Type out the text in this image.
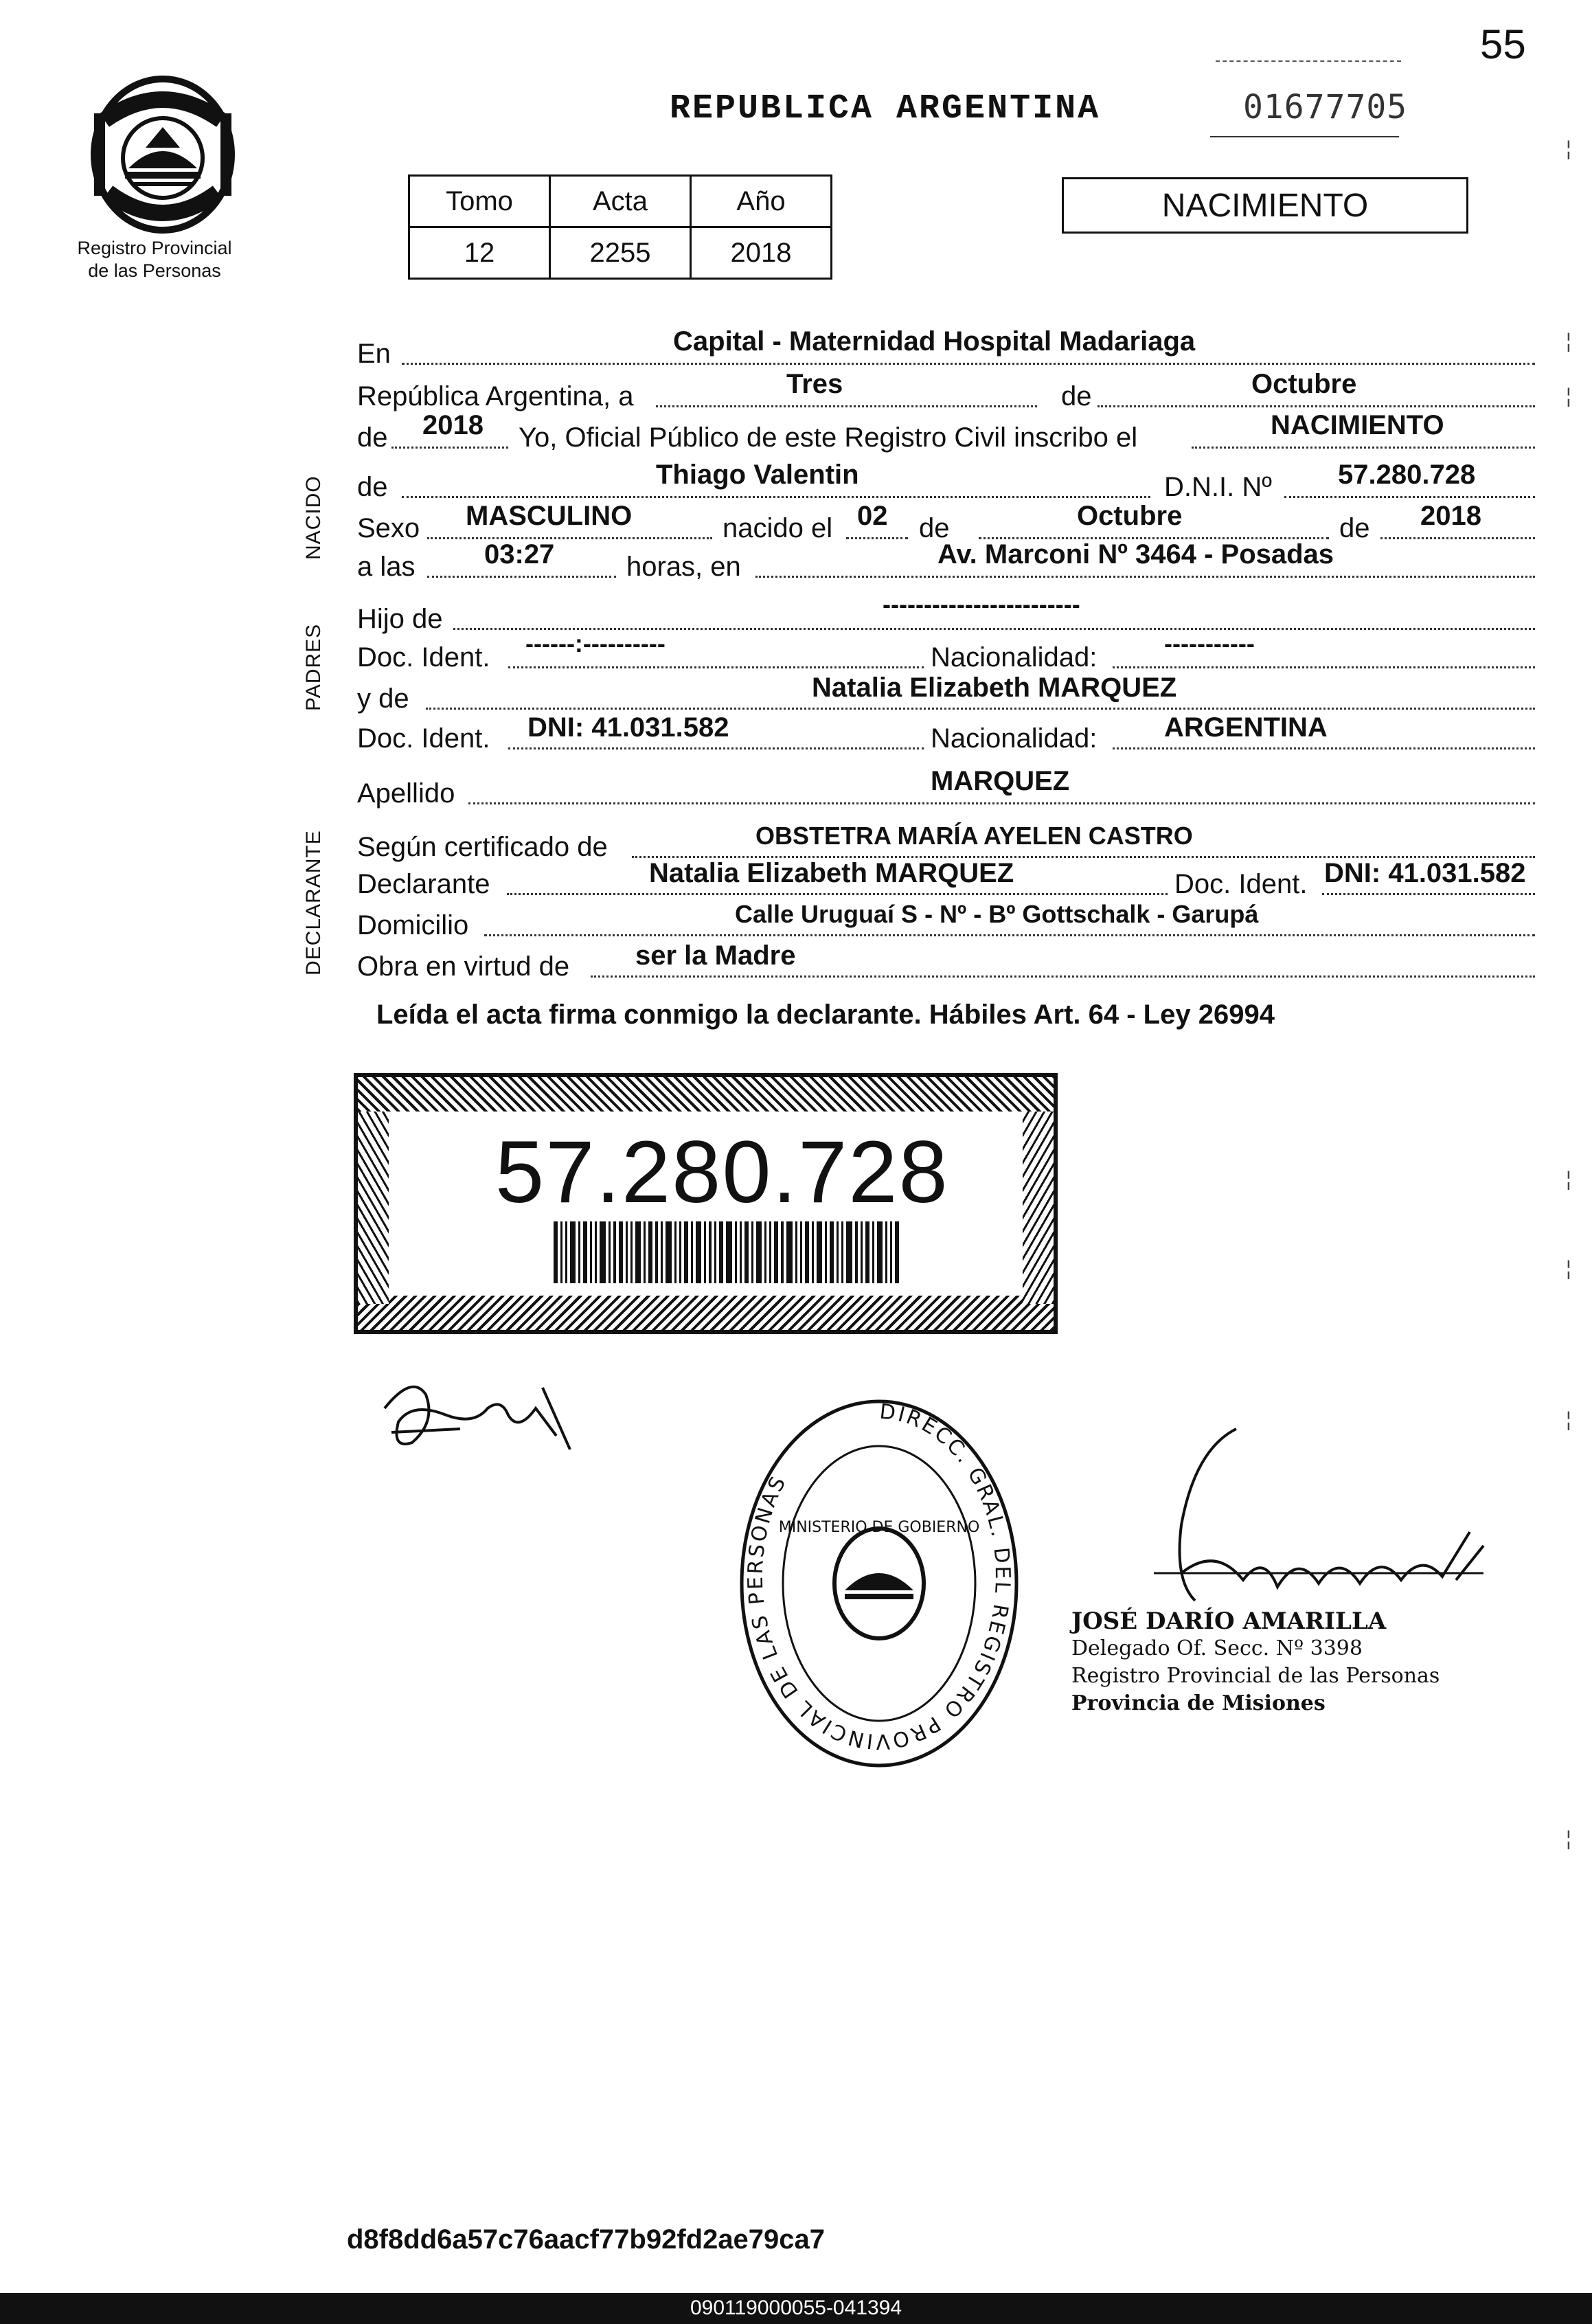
55
Registro Provincial
de las Personas
REPUBLICA ARGENTINA	01677705
Tomo	Acta	Año
12	2255	2018
NACIMIENTO
NACIDO
PADRES
DECLARANTE
En	Capital - Maternidad Hospital Madariaga
República Argentina, a	Tres	de	Octubre
de 2018 Yo, Oficial Público de este Registro Civil inscribo el	NACIMIENTO
de	Thiago Valentin	D.N.I. Nº 57.280.728
Sexo MASCULINO	nacido el 02 de	Octubre	de 2018
a las	03:27	horas, en	Av. Marconi Nº 3464 - Posadas
Hijo de	------------------------
Doc. Ident. ------:----------	Nacionalidad:	-----------
y de	Natalia Elizabeth MARQUEZ
Doc. Ident. DNI: 41.031.582	Nacionalidad: ARGENTINA
Apellido	MARQUEZ
Según certificado de	OBSTETRA MARÍA AYELEN CASTRO
Declarante	Natalia Elizabeth MARQUEZ	Doc. Ident. DNI: 41.031.582
Domicilio	Calle Uruguaí S - Nº - Bº Gottschalk - Garupá
Obra en virtud de ser la Madre
Leída el acta firma conmigo la declarante. Hábiles Art. 64 - Ley 26994
57.280.728
DIRECC. GRAL. DEL REGISTRO PROVINCIAL DE LAS PERSONAS
MINISTERIO DE GOBIERNO
JOSÉ DARÍO AMARILLA
Delegado Of. Secc. Nº 3398
Registro Provincial de las Personas
Provincia de Misiones
¦
¦
¦
¦
¦
¦
¦
d8f8dd6a57c76aacf77b92fd2ae79ca7
090119000055-041394
